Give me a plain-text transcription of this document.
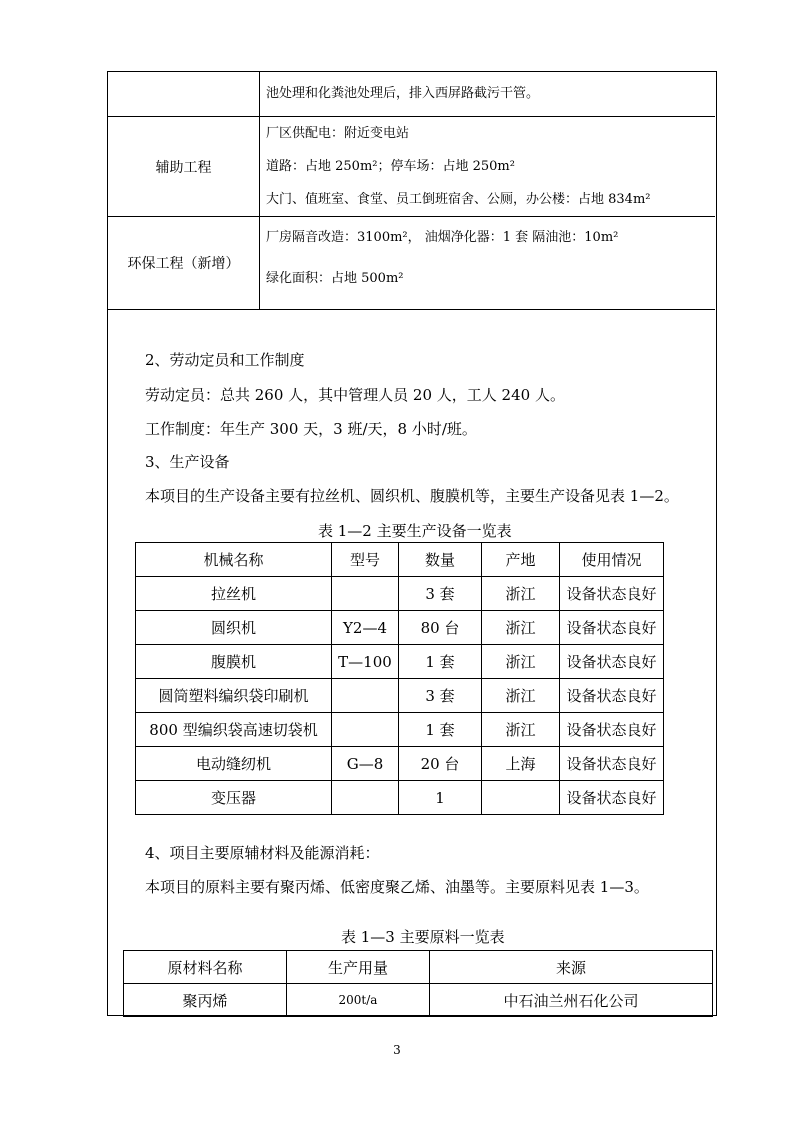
	池处理和化粪池处理后，排入西屏路截污干管。

辅助工程	厂区供配电：附近变电站
道路：占地 250m²；停车场：占地 250m²
大门、值班室、食堂、员工倒班宿舍、公厕，办公楼：占地 834m²

环保工程（新增）	厂房隔音改造：3100m²， 油烟净化器：1 套 隔油池：10m²
绿化面积：占地 500m²
2、劳动定员和工作制度
劳动定员：总共 260 人，其中管理人员 20 人，工人 240 人。
工作制度：年生产 300 天，3 班/天，8 小时/班。
3、生产设备
本项目的生产设备主要有拉丝机、圆织机、腹膜机等，主要生产设备见表 1—2。
4、项目主要原辅材料及能源消耗：
本项目的原料主要有聚丙烯、低密度聚乙烯、油墨等。主要原料见表 1—3。
表 1—2 主要生产设备一览表
机械名称	型号	数量	产地	使用情况
拉丝机		3 套	浙江	设备状态良好
圆织机	Y2—4	80 台	浙江	设备状态良好
腹膜机	T—100	1 套	浙江	设备状态良好
圆筒塑料编织袋印刷机		3 套	浙江	设备状态良好
800 型编织袋高速切袋机		1 套	浙江	设备状态良好
电动缝纫机	G—8	20 台	上海	设备状态良好
变压器		1		设备状态良好
表 1—3 主要原料一览表
原材料名称	生产用量	来源
聚丙烯	200t/a	中石油兰州石化公司
3
